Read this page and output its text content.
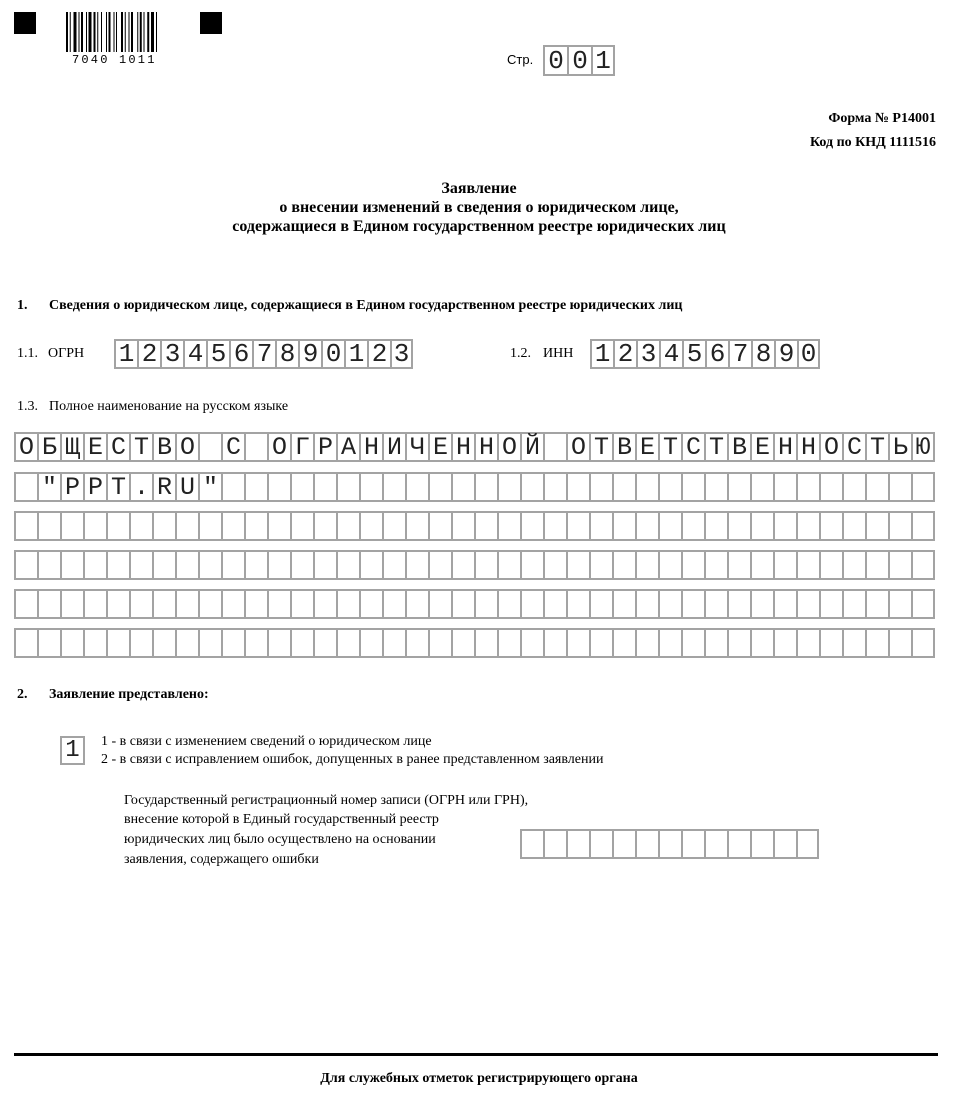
7040 1011	Стр. 0 0 1
Форма № Р14001
Код по КНД 1111516
Заявление
о внесении изменений в сведения о юридическом лице,
содержащиеся в Едином государственном реестре юридических лиц
1. Сведения о юридическом лице, содержащиеся в Едином государственном реестре юридических лиц
1.1. ОГРН 1 2 3 4 5 6 7 8 9 0 1 2 3	1.2. ИНН 1 2 3 4 5 6 7 8 9 0
1.3. Полное наименование на русском языке
О Б Щ Е С Т В О С О Г Р А Н И Ч Е Н Н О Й О Т В Е Т С Т В Е Н Н О С Т Ь Ю
" P P T . R U "
2. Заявление представлено:
1	1 - в связи с изменением сведений о юридическом лице
2 - в связи с исправлением ошибок, допущенных в ранее представленном заявлении
Государственный регистрационный номер записи (ОГРН или ГРН),
внесение которой в Единый государственный реестр
юридических лиц было осуществлено на основании
заявления, содержащего ошибки
Для служебных отметок регистрирующего органа
